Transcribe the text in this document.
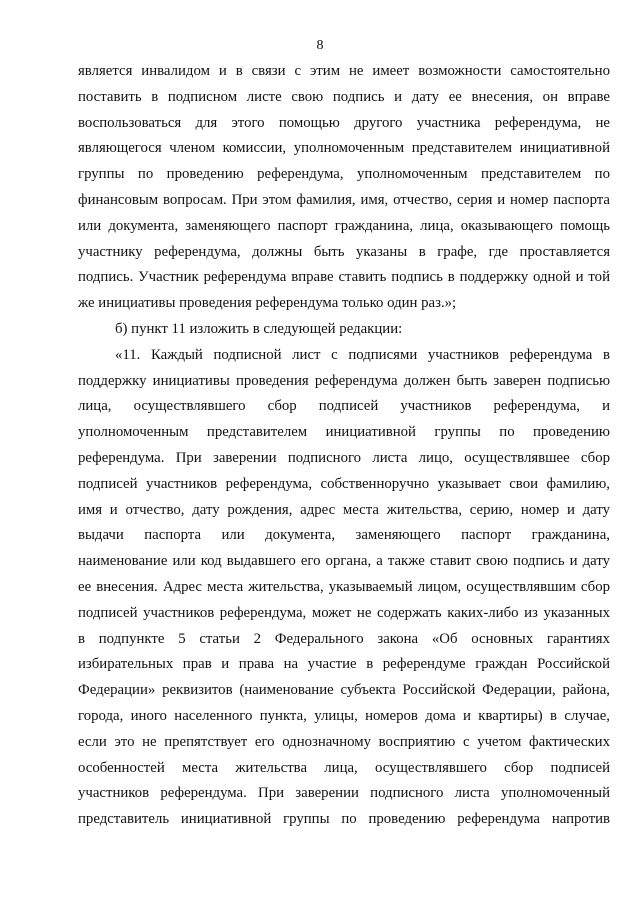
8
является инвалидом и в связи с этим не имеет возможности самостоятельно
поставить в подписном листе свою подпись и дату ее внесения, он вправе
воспользоваться для этого помощью другого участника референдума, не
являющегося членом комиссии, уполномоченным представителем инициативной
группы по проведению референдума, уполномоченным представителем по
финансовым вопросам. При этом фамилия, имя, отчество, серия и номер паспорта
или документа, заменяющего паспорт гражданина, лица, оказывающего помощь
участнику референдума, должны быть указаны в графе, где проставляется
подпись. Участник референдума вправе ставить подпись в поддержку одной и той
же инициативы проведения референдума только один раз.»;
б) пункт 11 изложить в следующей редакции:
«11. Каждый подписной лист с подписями участников референдума в
поддержку инициативы проведения референдума должен быть заверен подписью
лица, осуществлявшего сбор подписей участников референдума, и
уполномоченным представителем инициативной группы по проведению
референдума. При заверении подписного листа лицо, осуществлявшее сбор
подписей участников референдума, собственноручно указывает свои фамилию,
имя и отчество, дату рождения, адрес места жительства, серию, номер и дату
выдачи паспорта или документа, заменяющего паспорт гражданина,
наименование или код выдавшего его органа, а также ставит свою подпись и дату
ее внесения. Адрес места жительства, указываемый лицом, осуществлявшим сбор
подписей участников референдума, может не содержать каких-либо из указанных
в подпункте 5 статьи 2 Федерального закона «Об основных гарантиях
избирательных прав и права на участие в референдуме граждан Российской
Федерации» реквизитов (наименование субъекта Российской Федерации, района,
города, иного населенного пункта, улицы, номеров дома и квартиры) в случае,
если это не препятствует его однозначному восприятию с учетом фактических
особенностей места жительства лица, осуществлявшего сбор подписей
участников референдума. При заверении подписного листа уполномоченный
представитель инициативной группы по проведению референдума напротив
